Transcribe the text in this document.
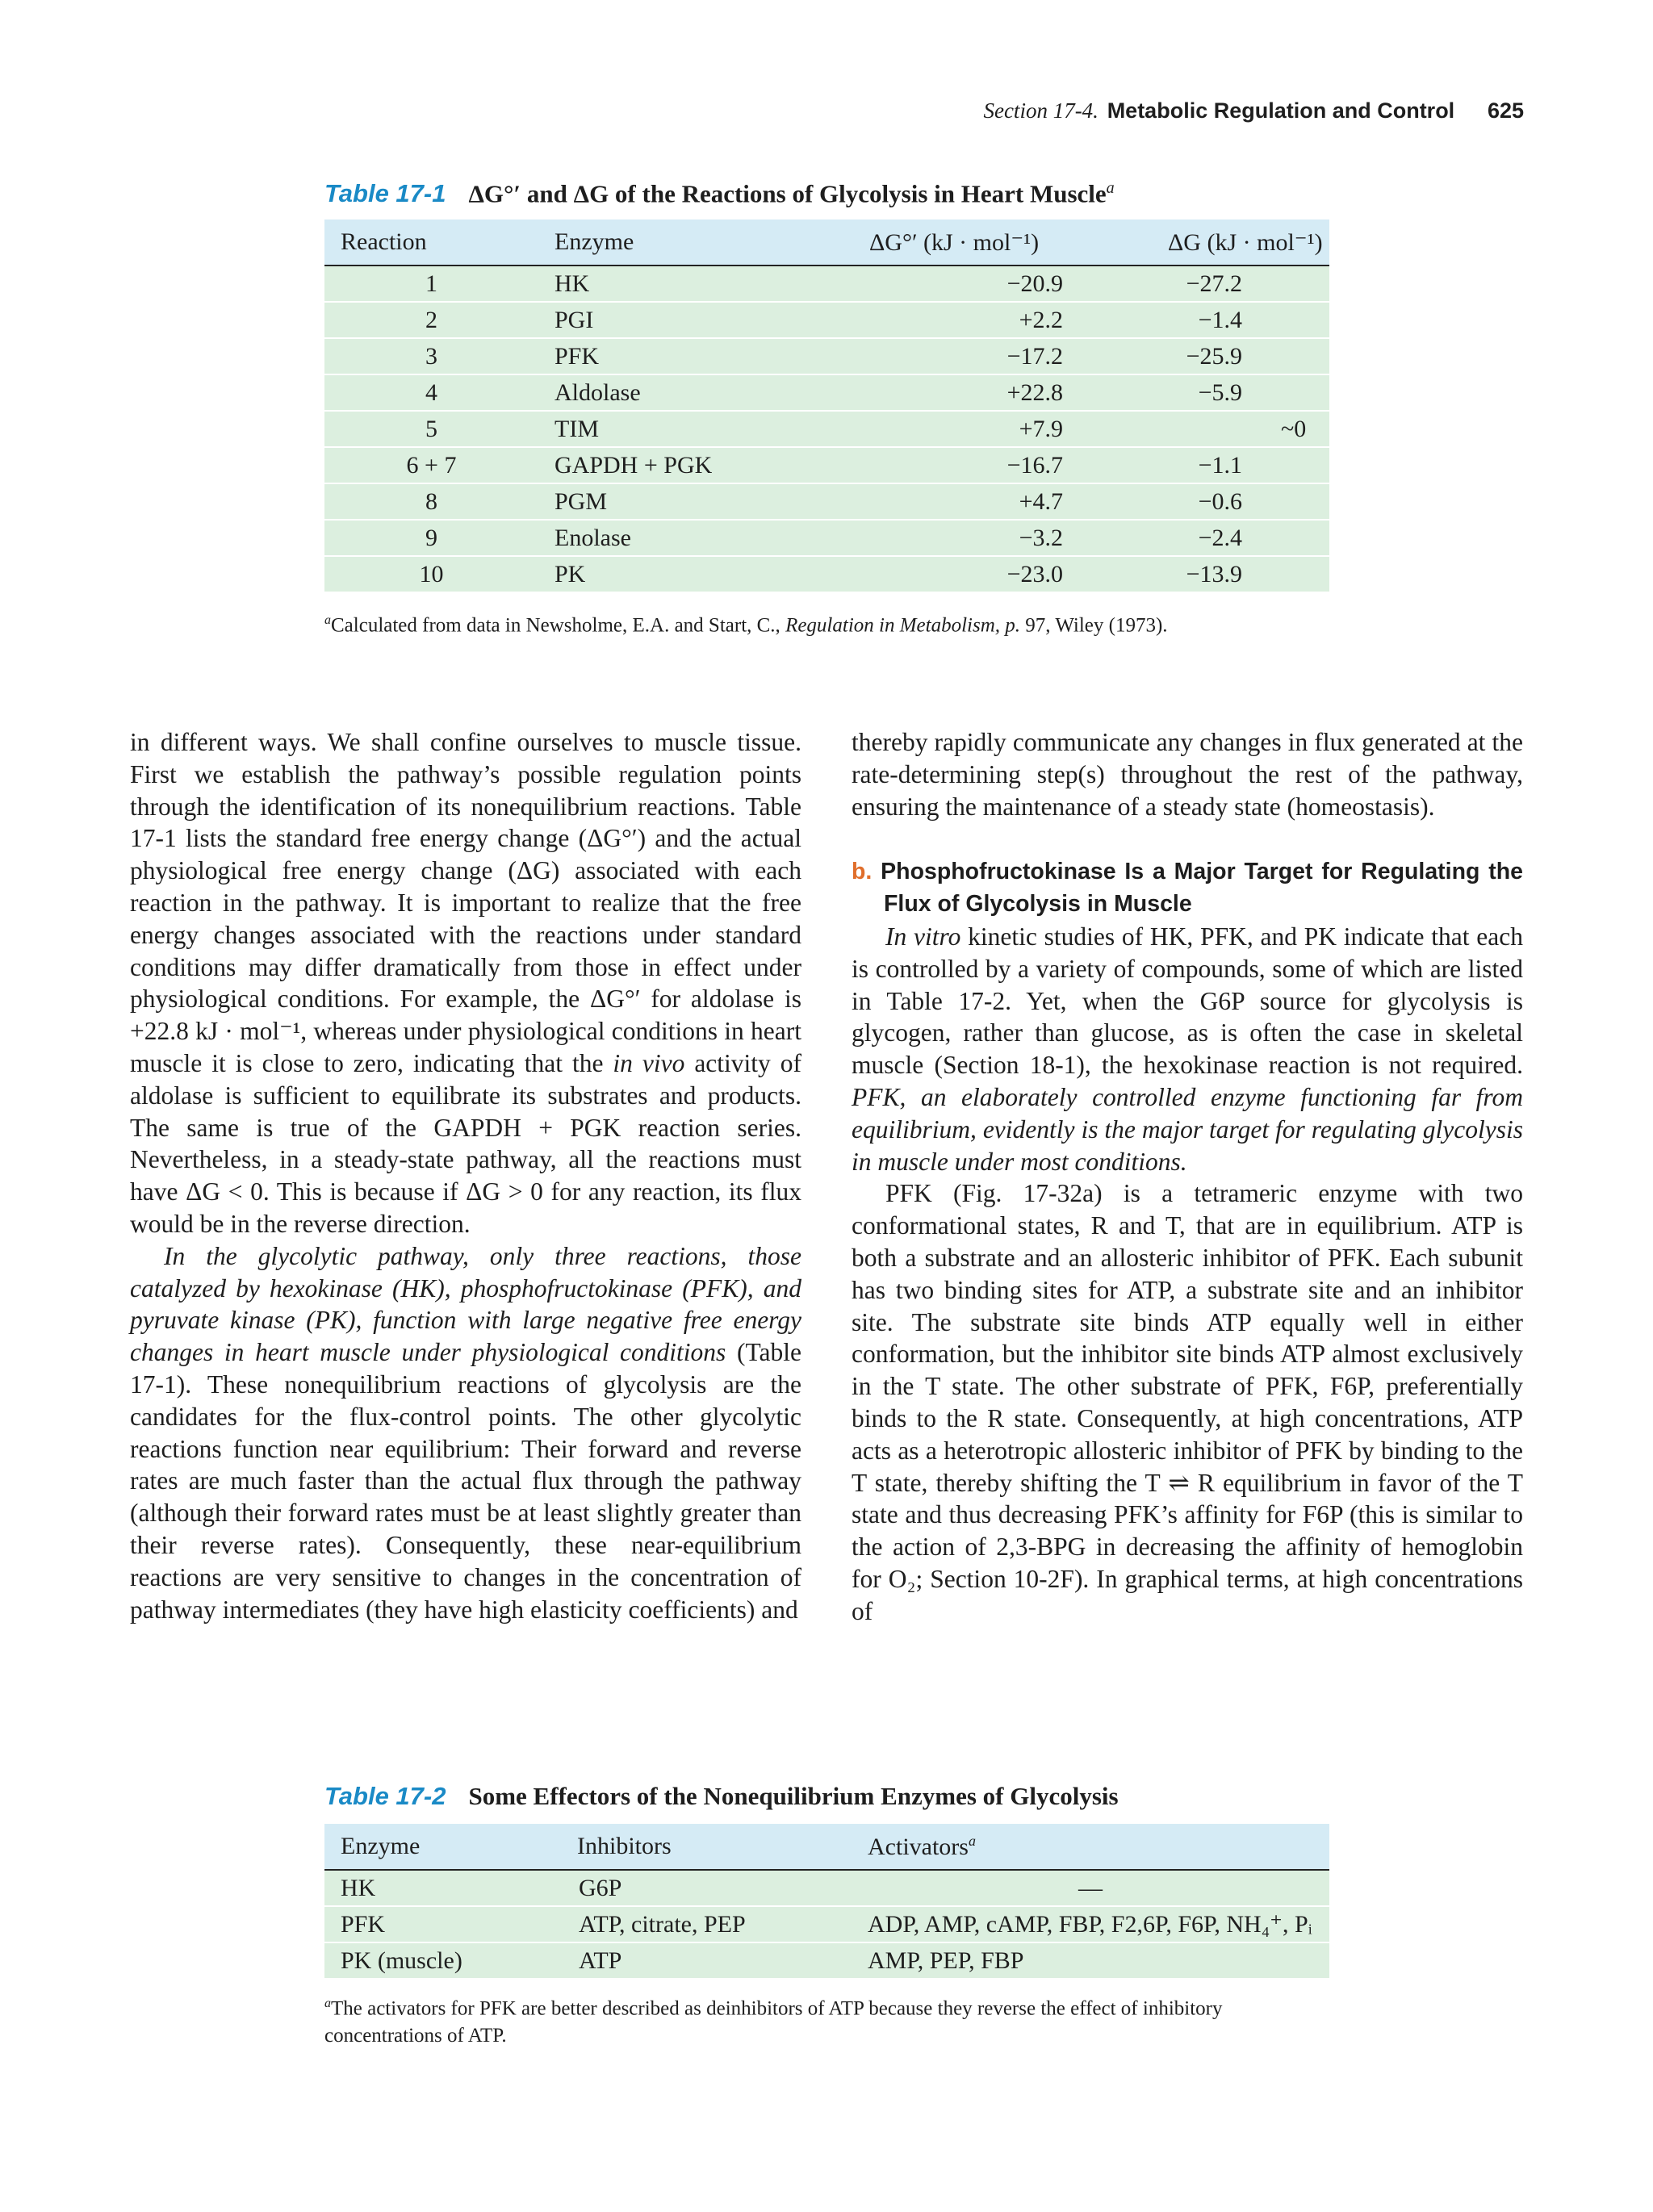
Section 17-4. Metabolic Regulation and Control 625
Table 17-1 ΔG°′ and ΔG of the Reactions of Glycolysis in Heart Muscle$^a$
Reaction	Enzyme	ΔG°′ (kJ · mol⁻¹)	ΔG (kJ · mol⁻¹)
1	HK	−20.9	−27.2
2	PGI	+2.2	−1.4
3	PFK	−17.2	−25.9
4	Aldolase	+22.8	−5.9
5	TIM	+7.9	~0
6 + 7	GAPDH + PGK	−16.7	−1.1
8	PGM	+4.7	−0.6
9	Enolase	−3.2	−2.4
10	PK	−23.0	−13.9
$^a$Calculated from data in Newsholme, E.A. and Start, C., Regulation in Metabolism, p. 97, Wiley (1973).

in different ways. We shall confine ourselves to muscle tissue. First we establish the pathway’s possible regulation points through the identification of its nonequilibrium reactions. Table 17-1 lists the standard free energy change (ΔG°′) and the actual physiological free energy change (ΔG) associated with each reaction in the pathway. It is important to realize that the free energy changes associated with the reactions under standard conditions may differ dramatically from those in effect under physiological conditions. For example, the ΔG°′ for aldolase is +22.8 kJ · mol⁻¹, whereas under physiological conditions in heart muscle it is close to zero, indicating that the in vivo activity of aldolase is sufficient to equilibrate its substrates and products. The same is true of the GAPDH + PGK reaction series. Nevertheless, in a steady-state pathway, all the reactions must have ΔG < 0. This is because if ΔG > 0 for any reaction, its flux would be in the reverse direction.

In the glycolytic pathway, only three reactions, those catalyzed by hexokinase (HK), phosphofructokinase (PFK), and pyruvate kinase (PK), function with large negative free energy changes in heart muscle under physiological conditions (Table 17-1). These nonequilibrium reactions of glycolysis are the candidates for the flux-control points. The other glycolytic reactions function near equilibrium: Their forward and reverse rates are much faster than the actual flux through the pathway (although their forward rates must be at least slightly greater than their reverse rates). Consequently, these near-equilibrium reactions are very sensitive to changes in the concentration of pathway intermediates (they have high elasticity coefficients) and

thereby rapidly communicate any changes in flux generated at the rate-determining step(s) throughout the rest of the pathway, ensuring the maintenance of a steady state (homeostasis).

b. Phosphofructokinase Is a Major Target for Regulating the Flux of Glycolysis in Muscle

In vitro kinetic studies of HK, PFK, and PK indicate that each is controlled by a variety of compounds, some of which are listed in Table 17-2. Yet, when the G6P source for glycolysis is glycogen, rather than glucose, as is often the case in skeletal muscle (Section 18-1), the hexokinase reaction is not required. PFK, an elaborately controlled enzyme functioning far from equilibrium, evidently is the major target for regulating glycolysis in muscle under most conditions.

PFK (Fig. 17-32a) is a tetrameric enzyme with two conformational states, R and T, that are in equilibrium. ATP is both a substrate and an allosteric inhibitor of PFK. Each subunit has two binding sites for ATP, a substrate site and an inhibitor site. The substrate site binds ATP equally well in either conformation, but the inhibitor site binds ATP almost exclusively in the T state. The other substrate of PFK, F6P, preferentially binds to the R state. Consequently, at high concentrations, ATP acts as a heterotropic allosteric inhibitor of PFK by binding to the T state, thereby shifting the T ⇌ R equilibrium in favor of the T state and thus decreasing PFK’s affinity for F6P (this is similar to the action of 2,3-BPG in decreasing the affinity of hemoglobin for O₂; Section 10-2F). In graphical terms, at high concentrations of

Table 17-2 Some Effectors of the Nonequilibrium Enzymes of Glycolysis
Enzyme	Inhibitors	Activators$^a$
HK	G6P	—
PFK	ATP, citrate, PEP	ADP, AMP, cAMP, FBP, F2,6P, F6P, NH₄⁺, Pᵢ
PK (muscle)	ATP	AMP, PEP, FBP
$^a$The activators for PFK are better described as deinhibitors of ATP because they reverse the effect of inhibitory concentrations of ATP.
